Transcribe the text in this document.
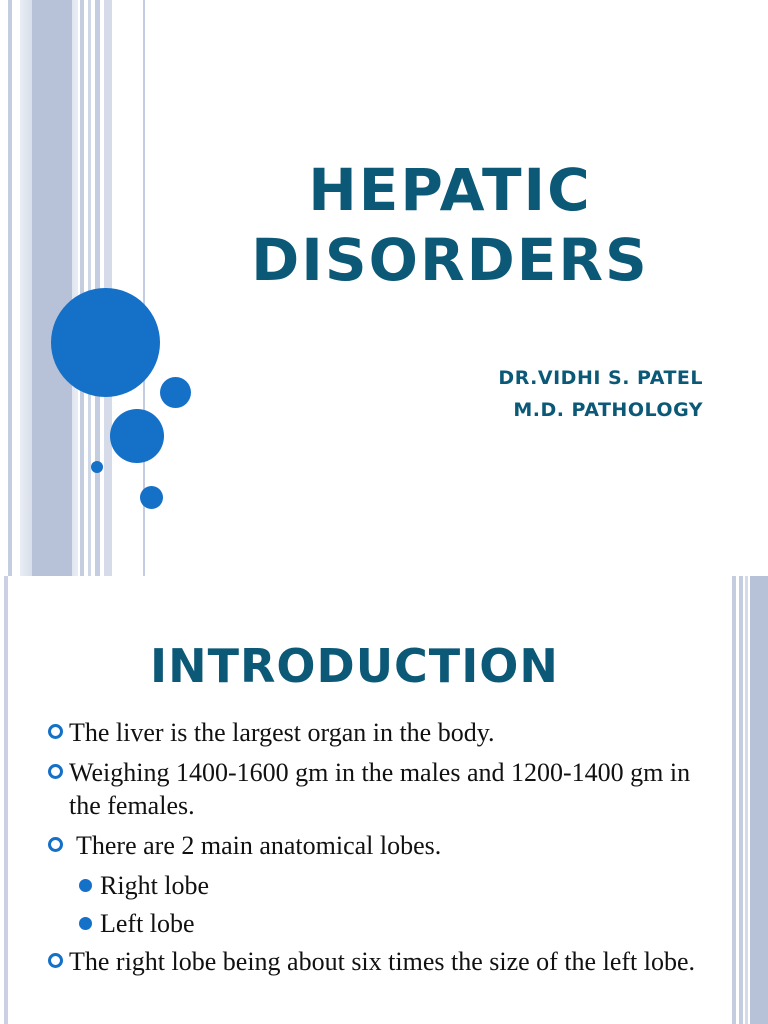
HEPATIC
DISORDERS
DR.VIDHI S. PATEL
M.D. PATHOLOGY
INTRODUCTION
The liver is the largest organ in the body.
Weighing 1400-1600 gm in the males and 1200-1400 gm in the females.
There are 2 main anatomical lobes.
Right lobe
Left lobe
The right lobe being about six times the size of the left lobe.
